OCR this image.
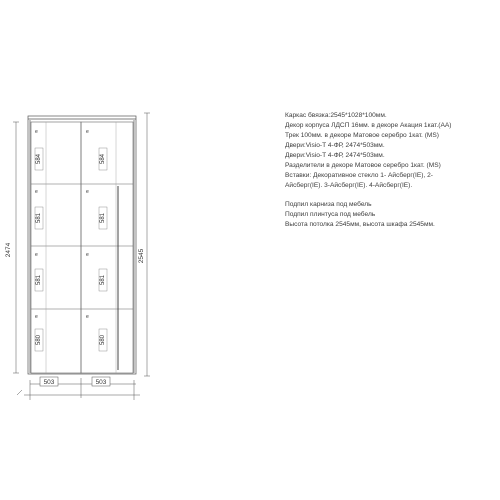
e
e
e
e
e
e
e
e
584
581
581
580
584
581
581
580
2474	2545
503	503
Каркас бвязка:2545*1028*100мм.
Декор корпуса ЛДСП 16мм. в декоре Акация 1кат.(AA)
Трек 100мм. в декоре Матовое серебро 1кат. (MS)
Двери:Visio-T 4-ФР, 2474*503мм.
Двери:Visio-T 4-ФР, 2474*503мм.
Разделители в декоре Матовое серебро 1кат. (MS)
Вставки: Декоративное стекло 1- Айсберг(IE), 2-
Айсберг(IE). 3-Айсберг(IE). 4-Айсберг(IE).
Подпил карниза под мебель
Подпил плинтуса под мебель
Высота потолка 2545мм, высота шкафа 2545мм.
